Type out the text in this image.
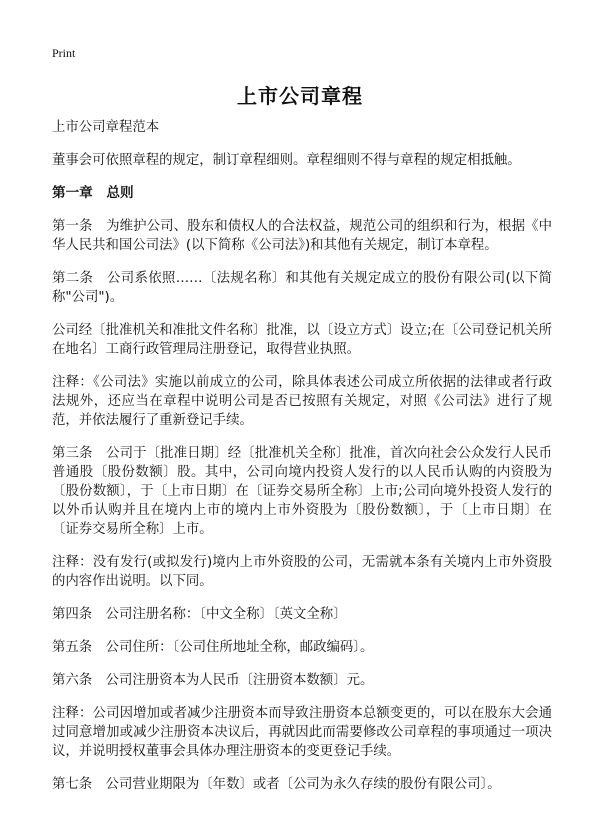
Print
上市公司章程

上市公司章程范本

董事会可依照章程的规定，制订章程细则。章程细则不得与章程的规定相抵触。

第一章　总则

第一条　为维护公司、股东和债权人的合法权益，规范公司的组织和行为，根据《中华人民共和国公司法》(以下简称《公司法》)和其他有关规定，制订本章程。

第二条　公司系依照……〔法规名称〕和其他有关规定成立的股份有限公司(以下简称"公司")。

公司经〔批准机关和准批文件名称〕批准，以〔设立方式〕设立;在〔公司登记机关所在地名〕工商行政管理局注册登记，取得营业执照。

注释：《公司法》实施以前成立的公司，除具体表述公司成立所依据的法律或者行政法规外，还应当在章程中说明公司是否已按照有关规定，对照《公司法》进行了规范，并依法履行了重新登记手续。

第三条　公司于〔批准日期〕经〔批准机关全称〕批准，首次向社会公众发行人民币普通股〔股份数额〕股。其中，公司向境内投资人发行的以人民币认购的内资股为〔股份数额〕，于〔上市日期〕在〔证券交易所全称〕上市;公司向境外投资人发行的以外币认购并且在境内上市的境内上市外资股为〔股份数额〕，于〔上市日期〕在〔证券交易所全称〕上市。

注释：没有发行(或拟发行)境内上市外资股的公司，无需就本条有关境内上市外资股的内容作出说明。以下同。

第四条　公司注册名称：〔中文全称〕〔英文全称〕

第五条　公司住所：〔公司住所地址全称，邮政编码〕。

第六条　公司注册资本为人民币〔注册资本数额〕元。

注释：公司因增加或者减少注册资本而导致注册资本总额变更的，可以在股东大会通过同意增加或减少注册资本决议后，再就因此而需要修改公司章程的事项通过一项决议，并说明授权董事会具体办理注册资本的变更登记手续。

第七条　公司营业期限为〔年数〕或者〔公司为永久存续的股份有限公司〕。
